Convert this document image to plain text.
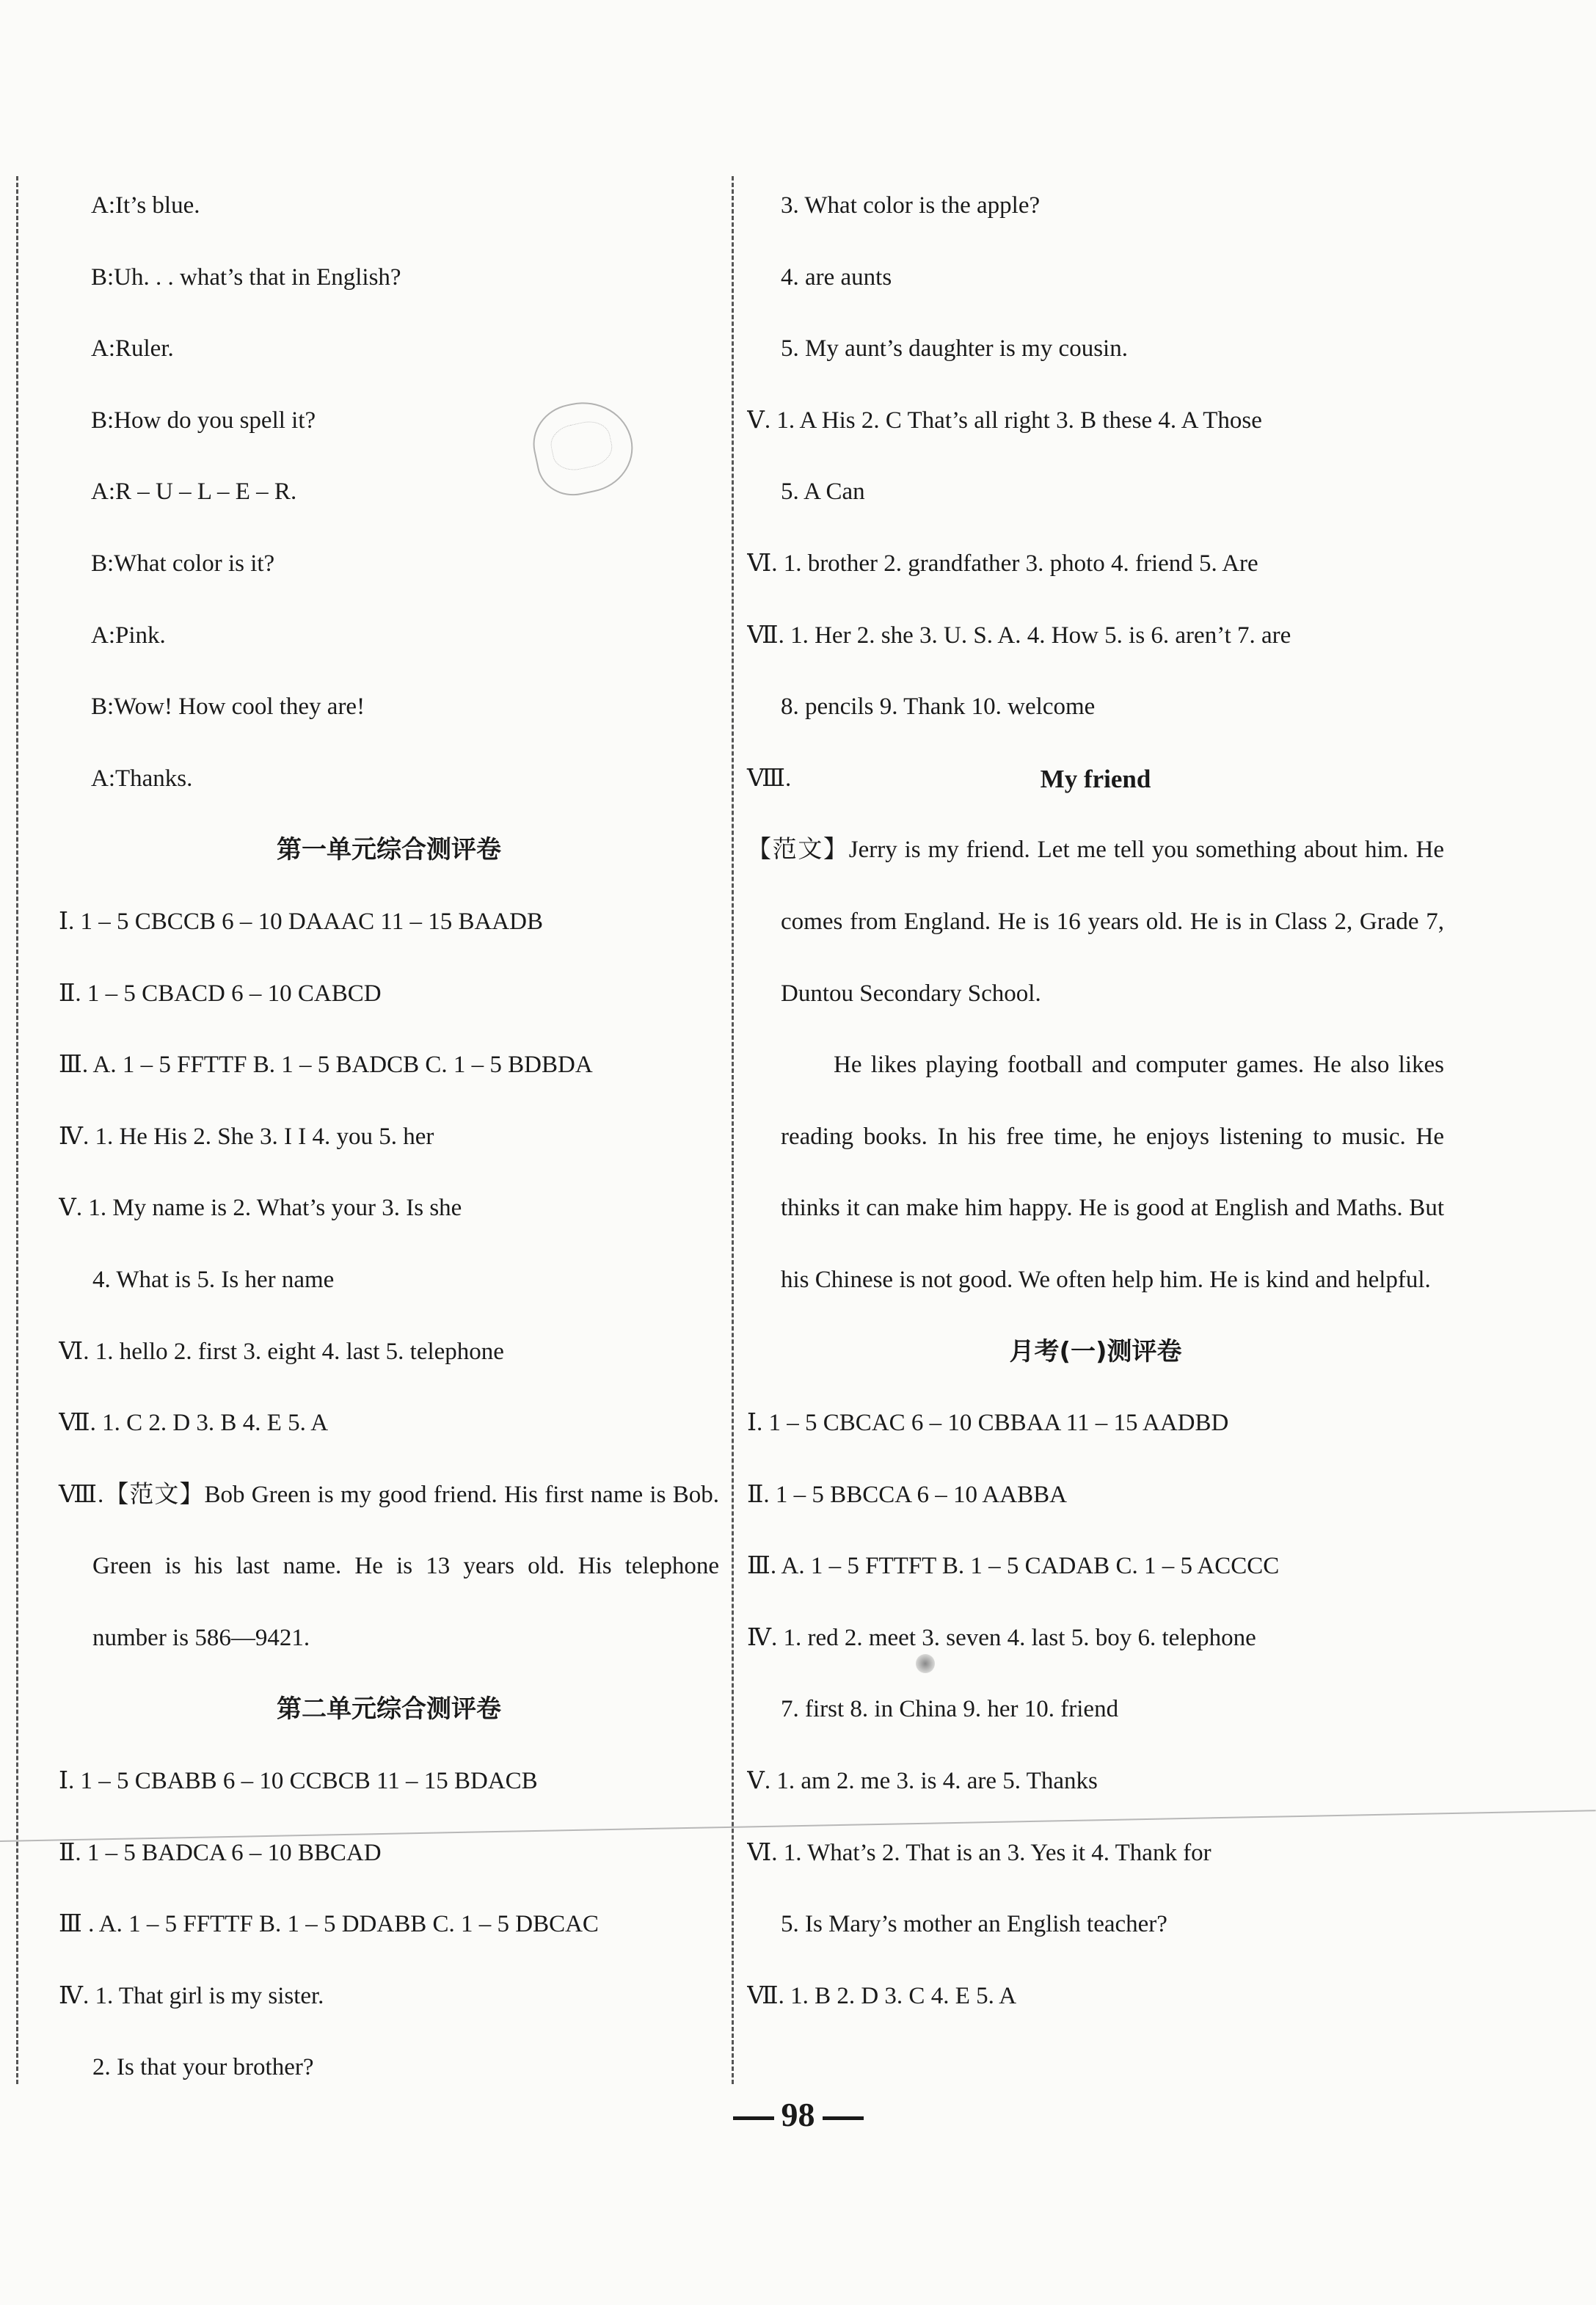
A:It’s blue.
B:Uh. . . what’s that in English?
A:Ruler.
B:How do you spell it?
A:R – U – L – E – R.
B:What color is it?
A:Pink.
B:Wow! How cool they are!
A:Thanks.
第一单元综合测评卷
Ⅰ. 1 – 5 CBCCB 6 – 10 DAAAC 11 – 15 BAADB
Ⅱ. 1 – 5 CBACD 6 – 10 CABCD
Ⅲ. A. 1 – 5 FFTTF B. 1 – 5 BADCB C. 1 – 5 BDBDA
Ⅳ. 1. He His 2. She 3. I I 4. you 5. her
Ⅴ. 1. My name is 2. What’s your 3. Is she
4. What is 5. Is her name
Ⅵ. 1. hello 2. first 3. eight 4. last 5. telephone
Ⅶ. 1. C 2. D 3. B 4. E 5. A
Ⅷ.【范文】Bob Green is my good friend. His first name is Bob. Green is his last name. He is 13 years old. His telephone number is 586—9421.
第二单元综合测评卷
Ⅰ. 1 – 5 CBABB 6 – 10 CCBCB 11 – 15 BDACB
Ⅱ. 1 – 5 BADCA 6 – 10 BBCAD
Ⅲ . A. 1 – 5 FFTTF B. 1 – 5 DDABB C. 1 – 5 DBCAC
Ⅳ. 1. That girl is my sister.
2. Is that your brother?
3. What color is the apple?
4. are aunts
5. My aunt’s daughter is my cousin.
Ⅴ. 1. A His 2. C That’s all right 3. B these 4. A Those
5. A Can
Ⅵ. 1. brother 2. grandfather 3. photo 4. friend 5. Are
Ⅶ. 1. Her 2. she 3. U. S. A. 4. How 5. is 6. aren’t 7. are
8. pencils 9. Thank 10. welcome
Ⅷ.	My friend
【范文】Jerry is my friend. Let me tell you something about him. He comes from England. He is 16 years old. He is in Class 2, Grade 7, Duntou Secondary School.
He likes playing football and computer games. He also likes reading books. In his free time, he enjoys listening to music. He thinks it can make him happy. He is good at English and Maths. But his Chinese is not good. We often help him. He is kind and helpful.
月考(一)测评卷
Ⅰ. 1 – 5 CBCAC 6 – 10 CBBAA 11 – 15 AADBD
Ⅱ. 1 – 5 BBCCA 6 – 10 AABBA
Ⅲ. A. 1 – 5 FTTFT B. 1 – 5 CADAB C. 1 – 5 ACCCC
Ⅳ. 1. red 2. meet 3. seven 4. last 5. boy 6. telephone
7. first 8. in China 9. her 10. friend
Ⅴ. 1. am 2. me 3. is 4. are 5. Thanks
Ⅵ. 1. What’s 2. That is an 3. Yes it 4. Thank for
5. Is Mary’s mother an English teacher?
Ⅶ. 1. B 2. D 3. C 4. E 5. A
98
